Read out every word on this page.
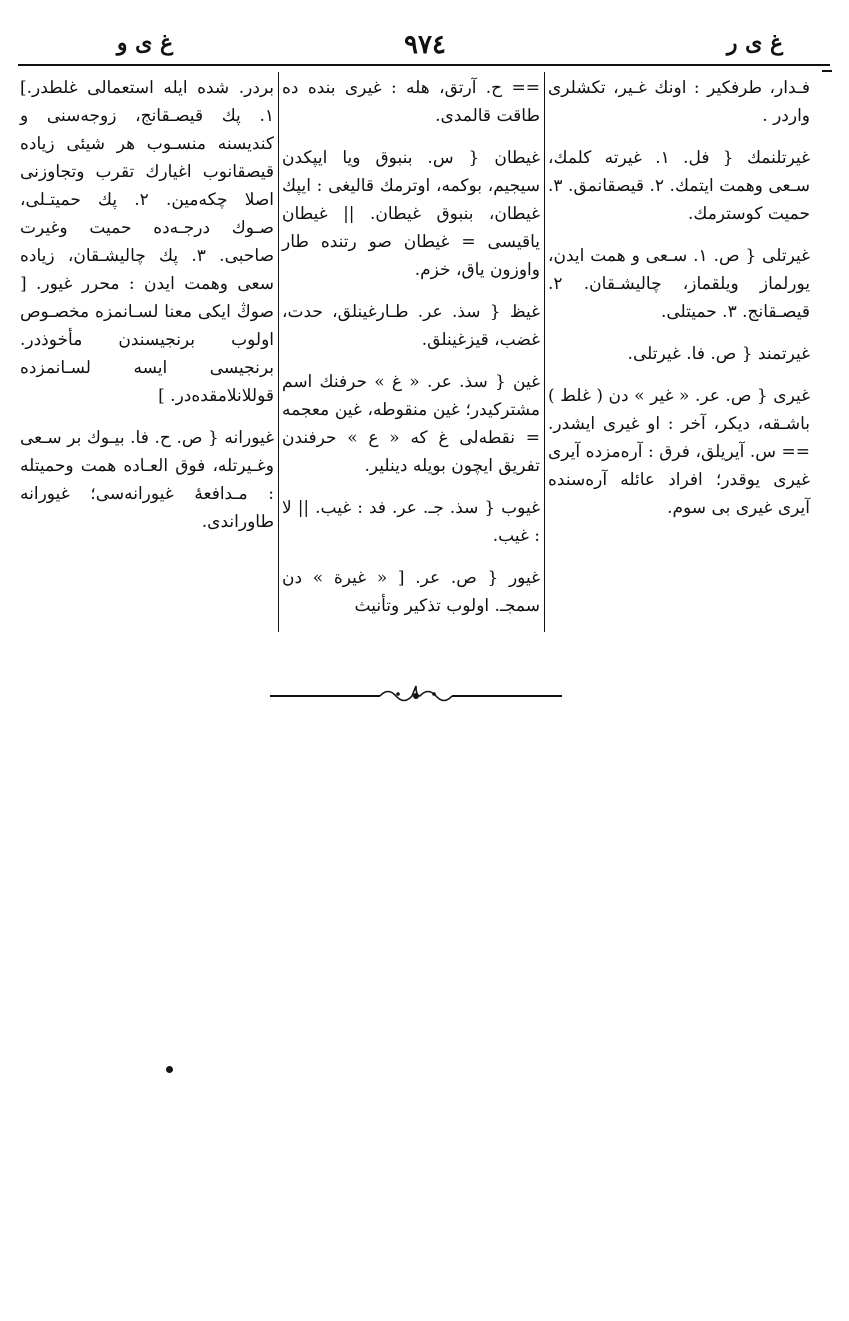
غ ى ر
٩٧٤
غ ى و

فـدار، طرفكير : اونك غـير، تكشلرى واردر .

غيرتلنمك { فل. ١. غيرته كلمك، سـعى وهمت ايتمك. ٢. قيصقانمق. ٣. حميت كوسترمك.

غيرتلى { ص. ١. سـعى و همت ايدن، يورلماز ويلقماز، چاليشـقان. ٢. قيصـقانج. ٣. حميتلى.

غيرتمند { ص. فا. غيرتلى.

غيرى { ص. عر. « غير » دن ( غلط ) باشـقه، ديكر، آخر : او غيرى ايشدر. == س. آيريلق، فرق : آره‌مزده آيرى غيرى يوقدر؛ افراد عائله آره‌سنده آيرى غيرى بى سوم.

== ح. آرتق، هله : غيرى بنده ده طاقت قالمدى.

غيطان { س. بنبوق ويا ايپكدن سيجيم، بوكمه، اوترمك قاليغى : ايپك غيطان، بنبوق غيطان. || غيطان ياقيسى = غيطان صو رتنده طار واوزون ياق، خزم.

غيظ { سذ. عر. طـارغينلق، حدت، غضب، قيزغينلق.

غين { سذ. عر. « غ » حرفنك اسم مشتركيدر؛ غين منقوطه، غين معجمه = نقطه‌لى غ كه « ع » حرفندن تفريق ايچون بويله دينلير.

غيوب { سذ. جـ. عر. فد : غيب. || لا : غيب.

غيور { ص. عر. [ « غيرة » دن سمجـ. اولوب تذكير وتأنيث

بردر. شده ايله استعمالى غلطدر.] ١. پك قيصـقانج، زوجه‌سنى و كنديسنه منسـوب هر شيئى زياده قيصقانوب اغيارك تقرب وتجاوزنى اصلا چكه‌مين. ٢. پك حميتـلى، صـوك درجـه‌ده حميت وغيرت صاحبى. ٣. پك چاليشـقان، زياده سعى وهمت ايدن : محرر غيور. [ صوڭ ايكى معنا لسـانمزه مخصـوص اولوب برنجيسندن مأخوذدر. برنجيسى ايسه لسـانمزده قوللانلامقده‌در. ]

غيورانه { ص. ح. فا. بيـوك بر سـعى وغـيرتله، فوق العـاده همت وحميتله : مـدافعهٔ غيورانه‌سى؛ غيورانه طاوراندى.
